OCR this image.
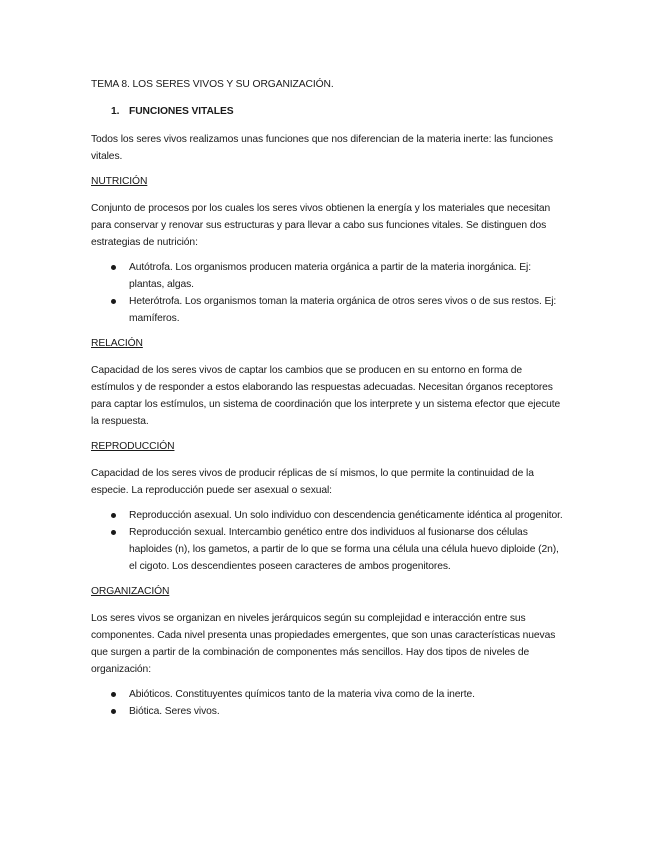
TEMA 8. LOS SERES VIVOS Y SU ORGANIZACIÓN.

1. FUNCIONES VITALES

Todos los seres vivos realizamos unas funciones que nos diferencian de la materia inerte: las funciones vitales.

NUTRICIÓN

Conjunto de procesos por los cuales los seres vivos obtienen la energía y los materiales que necesitan para conservar y renovar sus estructuras y para llevar a cabo sus funciones vitales. Se distinguen dos estrategias de nutrición:

Autótrofa. Los organismos producen materia orgánica a partir de la materia inorgánica. Ej: plantas, algas.
Heterótrofa. Los organismos toman la materia orgánica de otros seres vivos o de sus restos. Ej: mamíferos.

RELACIÓN

Capacidad de los seres vivos de captar los cambios que se producen en su entorno en forma de estímulos y de responder a estos elaborando las respuestas adecuadas. Necesitan órganos receptores para captar los estímulos, un sistema de coordinación que los interprete y un sistema efector que ejecute la respuesta.

REPRODUCCIÓN

Capacidad de los seres vivos de producir réplicas de sí mismos, lo que permite la continuidad de la especie. La reproducción puede ser asexual o sexual:

Reproducción asexual. Un solo individuo con descendencia genéticamente idéntica al progenitor.
Reproducción sexual. Intercambio genético entre dos individuos al fusionarse dos células haploides (n), los gametos, a partir de lo que se forma una célula una célula huevo diploide (2n), el cigoto. Los descendientes poseen caracteres de ambos progenitores.

ORGANIZACIÓN

Los seres vivos se organizan en niveles jerárquicos según su complejidad e interacción entre sus componentes. Cada nivel presenta unas propiedades emergentes, que son unas características nuevas que surgen a partir de la combinación de componentes más sencillos. Hay dos tipos de niveles de organización:

Abióticos. Constituyentes químicos tanto de la materia viva como de la inerte.
Biótica. Seres vivos.
